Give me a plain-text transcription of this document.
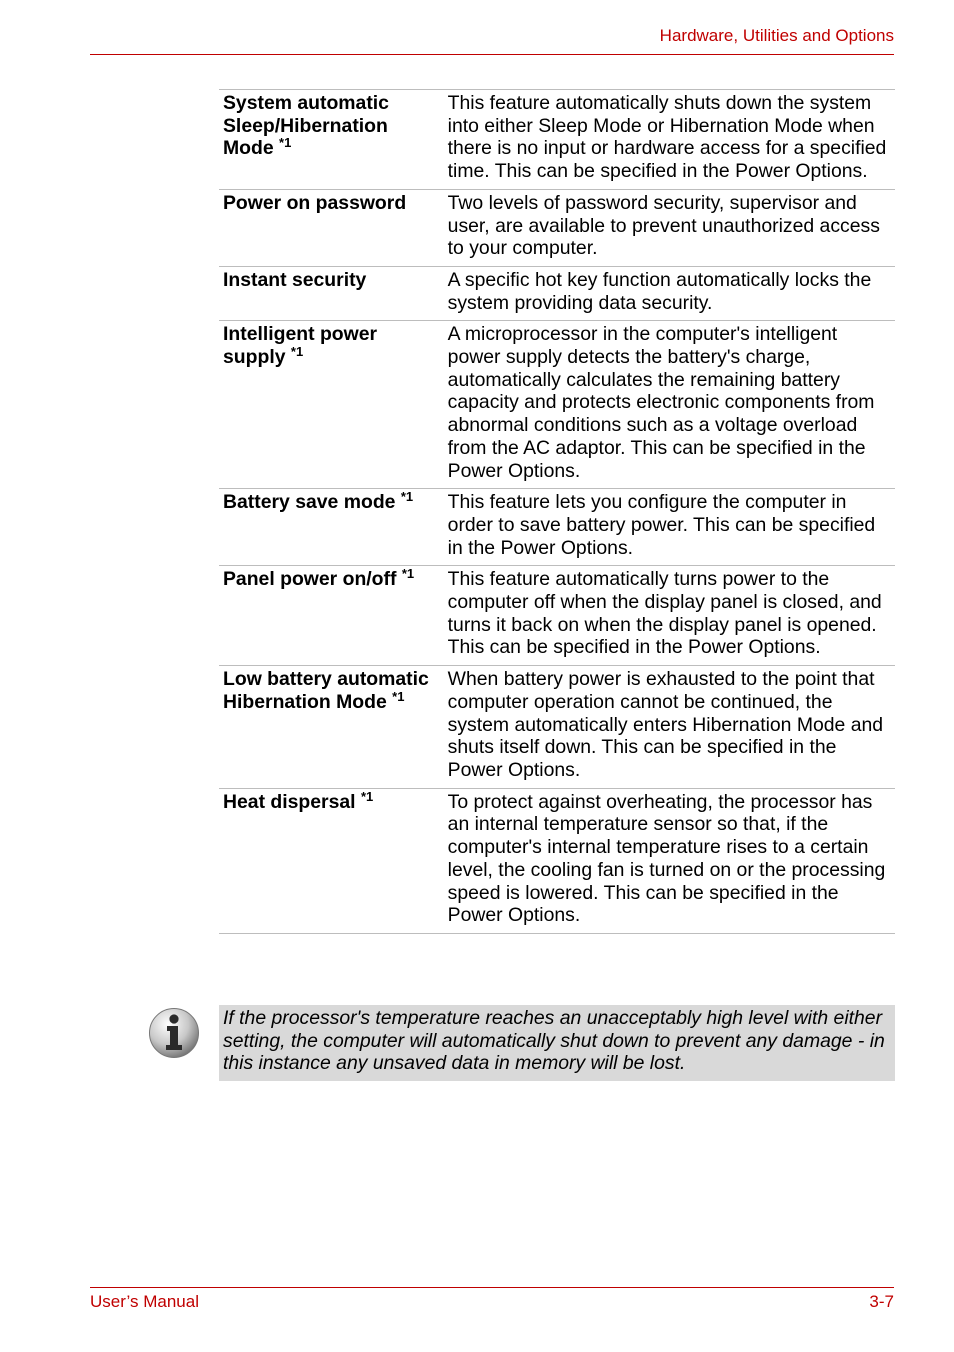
Hardware, Utilities and Options
System automatic Sleep/Hibernation Mode $^{*1}$	This feature automatically shuts down the system into either Sleep Mode or Hibernation Mode when there is no input or hardware access for a specified time. This can be specified in the Power Options.
Power on password	Two levels of password security, supervisor and user, are available to prevent unauthorized access to your computer.
Instant security	A specific hot key function automatically locks the system providing data security.
Intelligent power supply $^{*1}$	A microprocessor in the computer's intelligent power supply detects the battery's charge, automatically calculates the remaining battery capacity and protects electronic components from abnormal conditions such as a voltage overload from the AC adaptor. This can be specified in the Power Options.
Battery save mode $^{*1}$	This feature lets you configure the computer in order to save battery power. This can be specified in the Power Options.
Panel power on/off $^{*1}$	This feature automatically turns power to the computer off when the display panel is closed, and turns it back on when the display panel is opened. This can be specified in the Power Options.
Low battery automatic Hibernation Mode $^{*1}$	When battery power is exhausted to the point that computer operation cannot be continued, the system automatically enters Hibernation Mode and shuts itself down. This can be specified in the Power Options.
Heat dispersal $^{*1}$	To protect against overheating, the processor has an internal temperature sensor so that, if the computer's internal temperature rises to a certain level, the cooling fan is turned on or the processing speed is lowered. This can be specified in the Power Options.
If the processor's temperature reaches an unacceptably high level with either setting, the computer will automatically shut down to prevent any damage - in this instance any unsaved data in memory will be lost.
User’s Manual	3-7
